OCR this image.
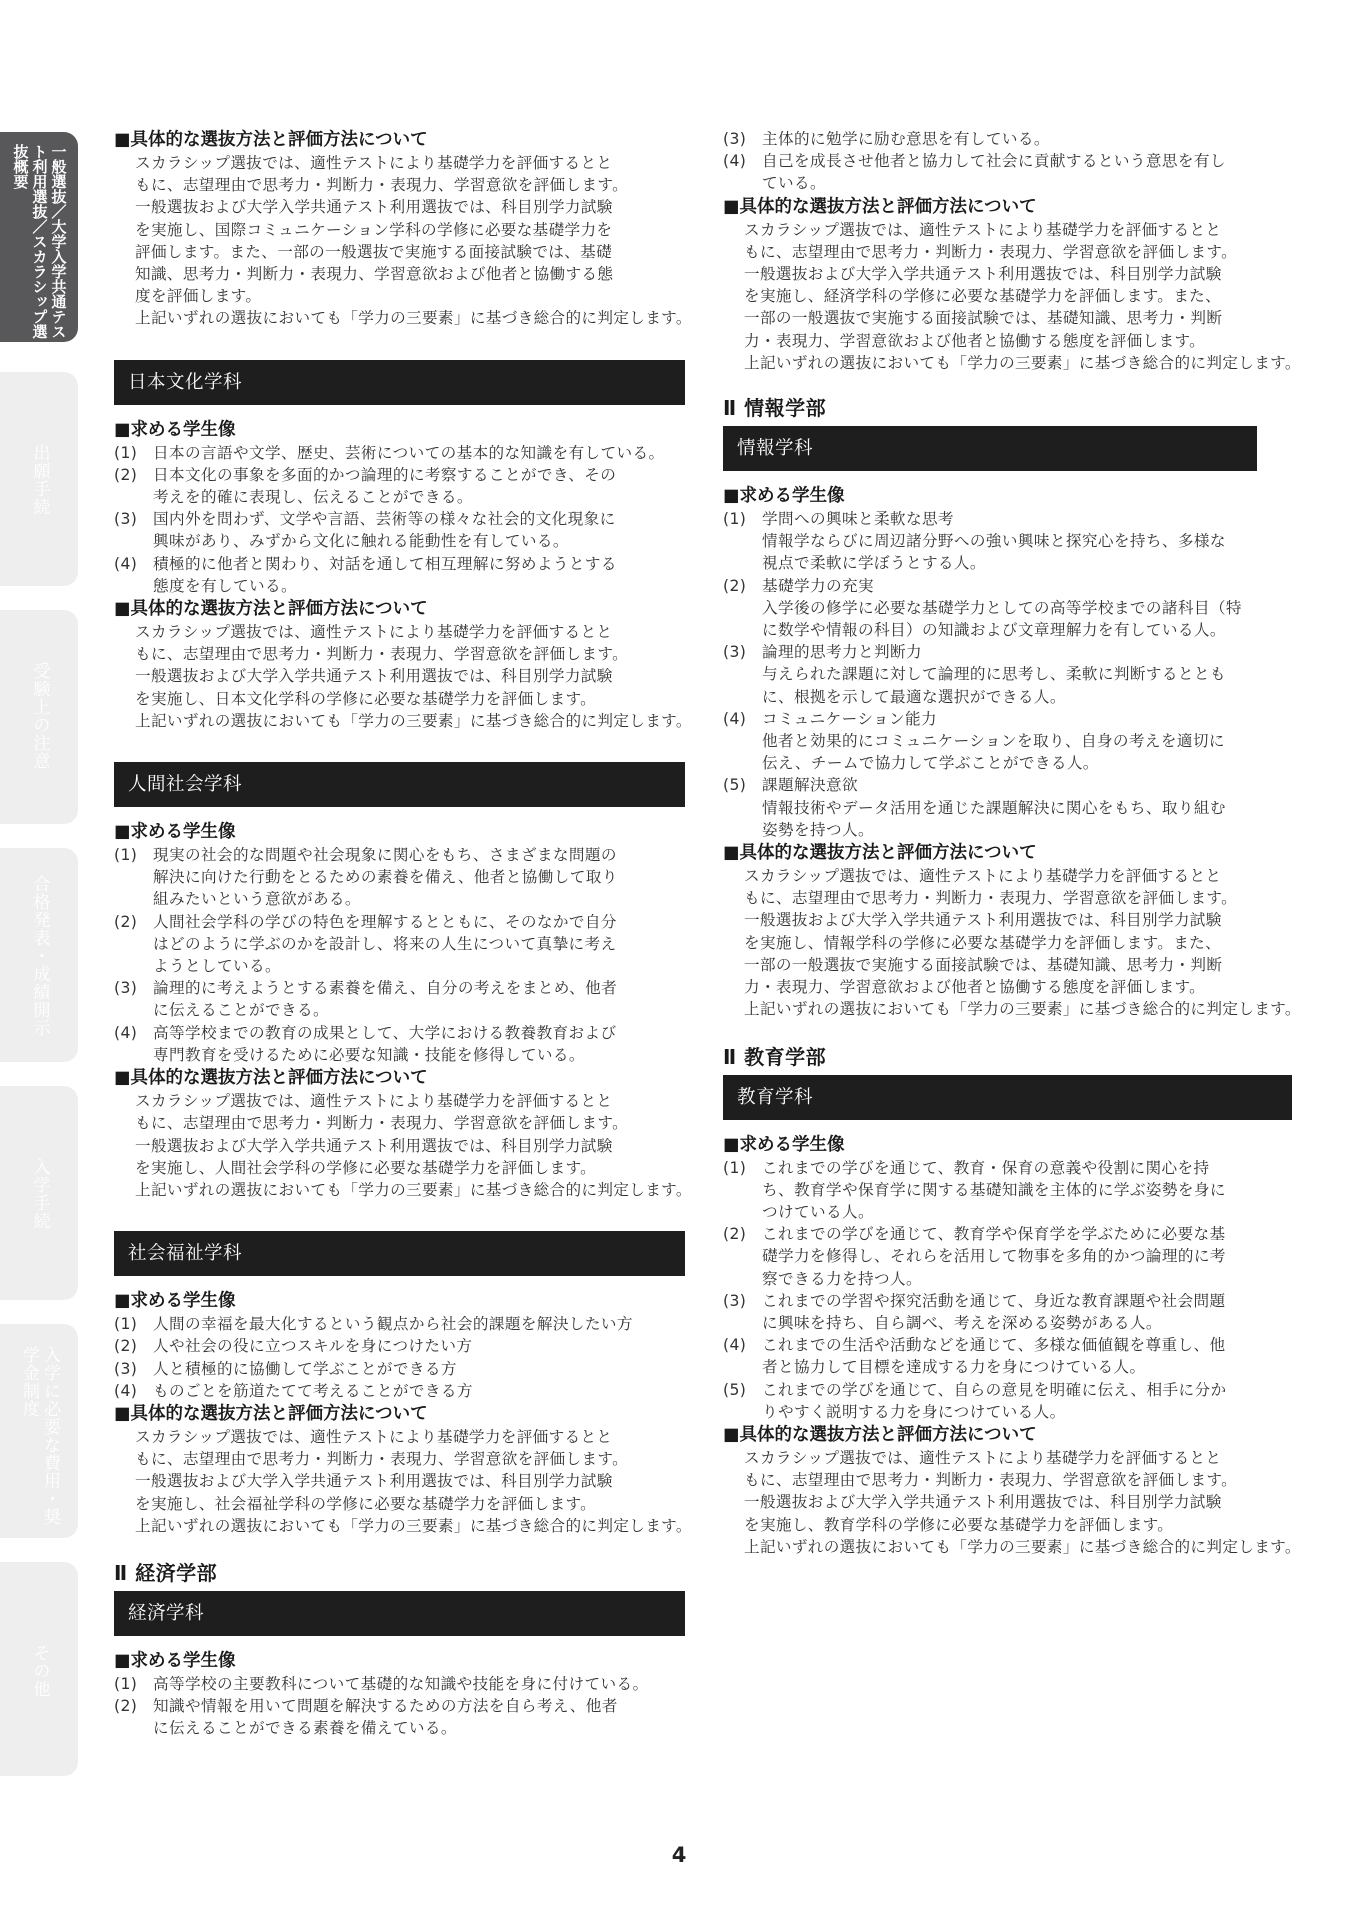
一般選抜／大学入学共通テスト利用選抜／スカラシップ選抜概要
出願手続
受験上の注意
合格発表・成績開示
入学手続
入学に必要な費用・奨学金制度
その他

■具体的な選抜方法と評価方法について

スカラシップ選抜では、適性テストにより基礎学力を評価するとと
もに、志望理由で思考力・判断力・表現力、学習意欲を評価します。
一般選抜および大学入学共通テスト利用選抜では、科目別学力試験
を実施し、国際コミュニケーション学科の学修に必要な基礎学力を
評価します。また、一部の一般選抜で実施する面接試験では、基礎
知識、思考力・判断力・表現力、学習意欲および他者と協働する態
度を評価します。
上記いずれの選抜においても「学力の三要素」に基づき総合的に判定します。
日本文化学科

■求める学生像

(1) 日本の言語や文学、歴史、芸術についての基本的な知識を有している。
(2) 日本文化の事象を多面的かつ論理的に考察することができ、その
考えを的確に表現し、伝えることができる。
(3) 国内外を問わず、文学や言語、芸術等の様々な社会的文化現象に
興味があり、みずから文化に触れる能動性を有している。
(4) 積極的に他者と関わり、対話を通して相互理解に努めようとする
態度を有している。

■具体的な選抜方法と評価方法について

スカラシップ選抜では、適性テストにより基礎学力を評価するとと
もに、志望理由で思考力・判断力・表現力、学習意欲を評価します。
一般選抜および大学入学共通テスト利用選抜では、科目別学力試験
を実施し、日本文化学科の学修に必要な基礎学力を評価します。
上記いずれの選抜においても「学力の三要素」に基づき総合的に判定します。
人間社会学科

■求める学生像

(1) 現実の社会的な問題や社会現象に関心をもち、さまざまな問題の
解決に向けた行動をとるための素養を備え、他者と協働して取り
組みたいという意欲がある。
(2) 人間社会学科の学びの特色を理解するとともに、そのなかで自分
はどのように学ぶのかを設計し、将来の人生について真摯に考え
ようとしている。
(3) 論理的に考えようとする素養を備え、自分の考えをまとめ、他者
に伝えることができる。
(4) 高等学校までの教育の成果として、大学における教養教育および
専門教育を受けるために必要な知識・技能を修得している。

■具体的な選抜方法と評価方法について

スカラシップ選抜では、適性テストにより基礎学力を評価するとと
もに、志望理由で思考力・判断力・表現力、学習意欲を評価します。
一般選抜および大学入学共通テスト利用選抜では、科目別学力試験
を実施し、人間社会学科の学修に必要な基礎学力を評価します。
上記いずれの選抜においても「学力の三要素」に基づき総合的に判定します。
社会福祉学科

■求める学生像

(1) 人間の幸福を最大化するという観点から社会的課題を解決したい方
(2) 人や社会の役に立つスキルを身につけたい方
(3) 人と積極的に協働して学ぶことができる方
(4) ものごとを筋道たてて考えることができる方

■具体的な選抜方法と評価方法について

スカラシップ選抜では、適性テストにより基礎学力を評価するとと
もに、志望理由で思考力・判断力・表現力、学習意欲を評価します。
一般選抜および大学入学共通テスト利用選抜では、科目別学力試験
を実施し、社会福祉学科の学修に必要な基礎学力を評価します。
上記いずれの選抜においても「学力の三要素」に基づき総合的に判定します。

Ⅱ 経済学部

経済学科

■求める学生像

(1) 高等学校の主要教科について基礎的な知識や技能を身に付けている。
(2) 知識や情報を用いて問題を解決するための方法を自ら考え、他者
に伝えることができる素養を備えている。
(3) 主体的に勉学に励む意思を有している。
(4) 自己を成長させ他者と協力して社会に貢献するという意思を有し
ている。

■具体的な選抜方法と評価方法について

スカラシップ選抜では、適性テストにより基礎学力を評価するとと
もに、志望理由で思考力・判断力・表現力、学習意欲を評価します。
一般選抜および大学入学共通テスト利用選抜では、科目別学力試験
を実施し、経済学科の学修に必要な基礎学力を評価します。また、
一部の一般選抜で実施する面接試験では、基礎知識、思考力・判断
力・表現力、学習意欲および他者と協働する態度を評価します。
上記いずれの選抜においても「学力の三要素」に基づき総合的に判定します。

Ⅱ 情報学部

情報学科

■求める学生像

(1) 学問への興味と柔軟な思考
情報学ならびに周辺諸分野への強い興味と探究心を持ち、多様な
視点で柔軟に学ぼうとする人。
(2) 基礎学力の充実
入学後の修学に必要な基礎学力としての高等学校までの諸科目（特
に数学や情報の科目）の知識および文章理解力を有している人。
(3) 論理的思考力と判断力
与えられた課題に対して論理的に思考し、柔軟に判断するととも
に、根拠を示して最適な選択ができる人。
(4) コミュニケーション能力
他者と効果的にコミュニケーションを取り、自身の考えを適切に
伝え、チームで協力して学ぶことができる人。
(5) 課題解決意欲
情報技術やデータ活用を通じた課題解決に関心をもち、取り組む
姿勢を持つ人。

■具体的な選抜方法と評価方法について

スカラシップ選抜では、適性テストにより基礎学力を評価するとと
もに、志望理由で思考力・判断力・表現力、学習意欲を評価します。
一般選抜および大学入学共通テスト利用選抜では、科目別学力試験
を実施し、情報学科の学修に必要な基礎学力を評価します。また、
一部の一般選抜で実施する面接試験では、基礎知識、思考力・判断
力・表現力、学習意欲および他者と協働する態度を評価します。
上記いずれの選抜においても「学力の三要素」に基づき総合的に判定します。

Ⅱ 教育学部

教育学科

■求める学生像

(1) これまでの学びを通じて、教育・保育の意義や役割に関心を持
ち、教育学や保育学に関する基礎知識を主体的に学ぶ姿勢を身に
つけている人。
(2) これまでの学びを通じて、教育学や保育学を学ぶために必要な基
礎学力を修得し、それらを活用して物事を多角的かつ論理的に考
察できる力を持つ人。
(3) これまでの学習や探究活動を通じて、身近な教育課題や社会問題
に興味を持ち、自ら調べ、考えを深める姿勢がある人。
(4) これまでの生活や活動などを通じて、多様な価値観を尊重し、他
者と協力して目標を達成する力を身につけている人。
(5) これまでの学びを通じて、自らの意見を明確に伝え、相手に分か
りやすく説明する力を身につけている人。

■具体的な選抜方法と評価方法について

スカラシップ選抜では、適性テストにより基礎学力を評価するとと
もに、志望理由で思考力・判断力・表現力、学習意欲を評価します。
一般選抜および大学入学共通テスト利用選抜では、科目別学力試験
を実施し、教育学科の学修に必要な基礎学力を評価します。
上記いずれの選抜においても「学力の三要素」に基づき総合的に判定します。
4
